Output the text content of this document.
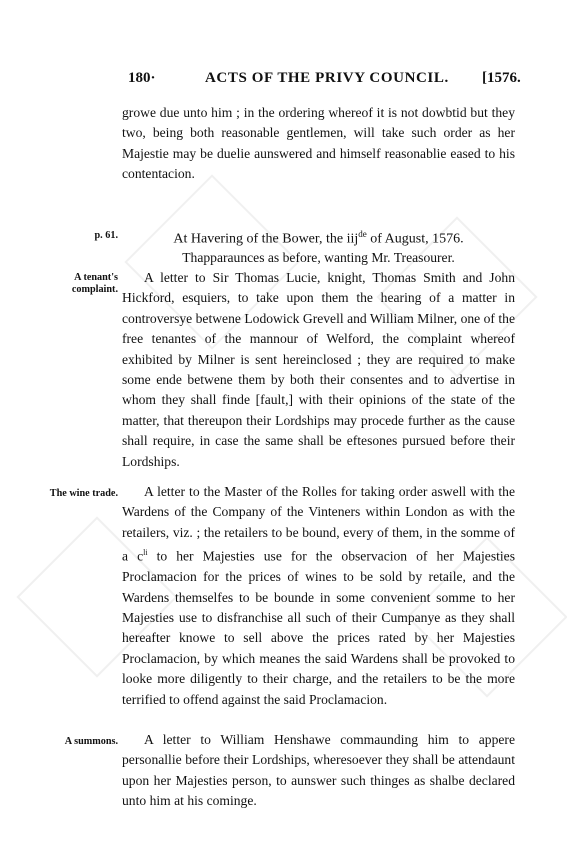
180·	ACTS OF THE PRIVY COUNCIL. [1576.
growe due unto him ; in the ordering whereof it is not dowbtid but they two, being both reasonable gentlemen, will take such order as her Majestie may be duelie aunswered and himself reasonablie eased to his contentacion.
p. 61.	At Havering of the Bower, the iij$^{de}$ of August, 1576.
Thapparaunces as before, wanting Mr. Treasourer.
A tenant's complaint.
A letter to Sir Thomas Lucie, knight, Thomas Smith and John Hickford, esquiers, to take upon them the hearing of a matter in controversye betwene Lodowick Grevell and William Milner, one of the free tenantes of the mannour of Welford, the complaint whereof exhibited by Milner is sent hereinclosed ; they are required to make some ende betwene them by both their consentes and to advertise in whom they shall finde [fault,] with their opinions of the state of the matter, that thereupon their Lordships may procede further as the cause shall require, in case the same shall be eftesones pursued before their Lordships.
The wine trade.	A letter to the Master of the Rolles for taking order aswell with the Wardens of the Company of the Vinteners within London as with the retailers, viz. ; the retailers to be bound, every of them, in the somme of a $c^{li}$ to her Majesties use for the observacion of her Majesties Proclamacion for the prices of wines to be sold by retaile, and the Wardens themselfes to be bounde in some convenient somme to her Majesties use to disfranchise all such of their Cumpanye as they shall hereafter knowe to sell above the prices rated by her Majesties Proclamacion, by which meanes the said Wardens shall be provoked to looke more diligently to their charge, and the retailers to be the more terrified to offend against the said Proclamacion.
A summons.	A letter to William Henshawe commaunding him to appere personallie before their Lordships, wheresoever they shall be attendaunt upon her Majesties person, to aunswer such thinges as shalbe declared unto him at his cominge.
